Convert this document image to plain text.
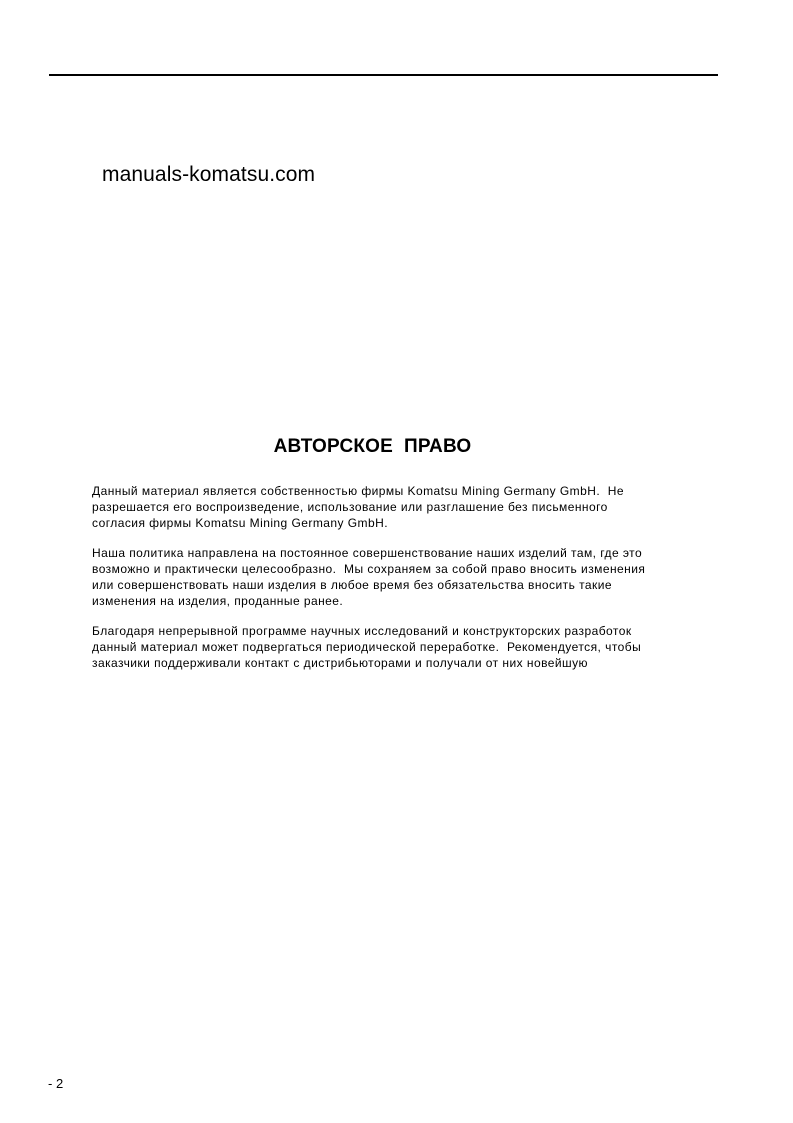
manuals-komatsu.com
АВТОРСКОЕ  ПРАВО

Данный материал является собственностью фирмы Komatsu Mining Germany GmbH.  Не
разрешается его воспроизведение, использование или разглашение без письменного
согласия фирмы Komatsu Mining Germany GmbH.

Наша политика направлена на постоянное совершенствование наших изделий там, где это
возможно и практически целесообразно.  Мы сохраняем за собой право вносить изменения
или совершенствовать наши изделия в любое время без обязательства вносить такие
изменения на изделия, проданные ранее.

Благодаря непрерывной программе научных исследований и конструкторских разработок
данный материал может подвергаться периодической переработке.  Рекомендуется, чтобы
заказчики поддерживали контакт с дистрибьюторами и получали от них новейшую

- 2
